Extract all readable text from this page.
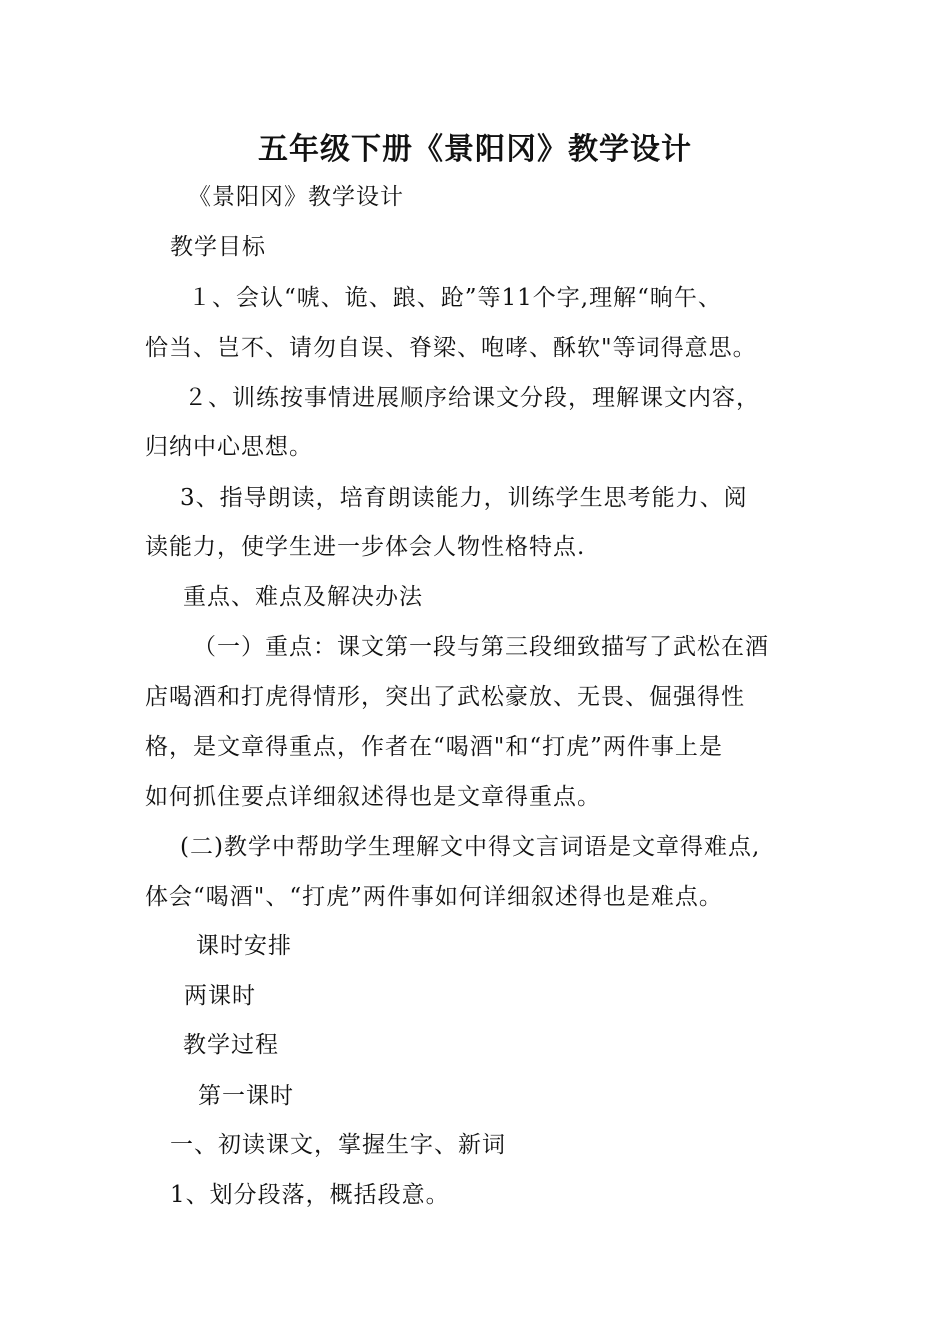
五年级下册《景阳冈》教学设计
《景阳冈》教学设计
教学目标
１、会认“唬、诡、踉、跄”等11个字,理解“晌午、
恰当、岂不、请勿自误、脊梁、咆哮、酥软"等词得意思。
２、训练按事情进展顺序给课文分段，理解课文内容，
归纳中心思想。
3、指导朗读，培育朗读能力，训练学生思考能力、阅
读能力，使学生进一步体会人物性格特点.
重点、难点及解决办法
（一）重点：课文第一段与第三段细致描写了武松在酒
店喝酒和打虎得情形，突出了武松豪放、无畏、倔强得性
格，是文章得重点，作者在“喝酒"和“打虎”两件事上是
如何抓住要点详细叙述得也是文章得重点。
(二)教学中帮助学生理解文中得文言词语是文章得难点,
体会“喝酒"、“打虎”两件事如何详细叙述得也是难点。
课时安排
两课时
教学过程
第一课时
一、初读课文，掌握生字、新词
1、划分段落，概括段意。
